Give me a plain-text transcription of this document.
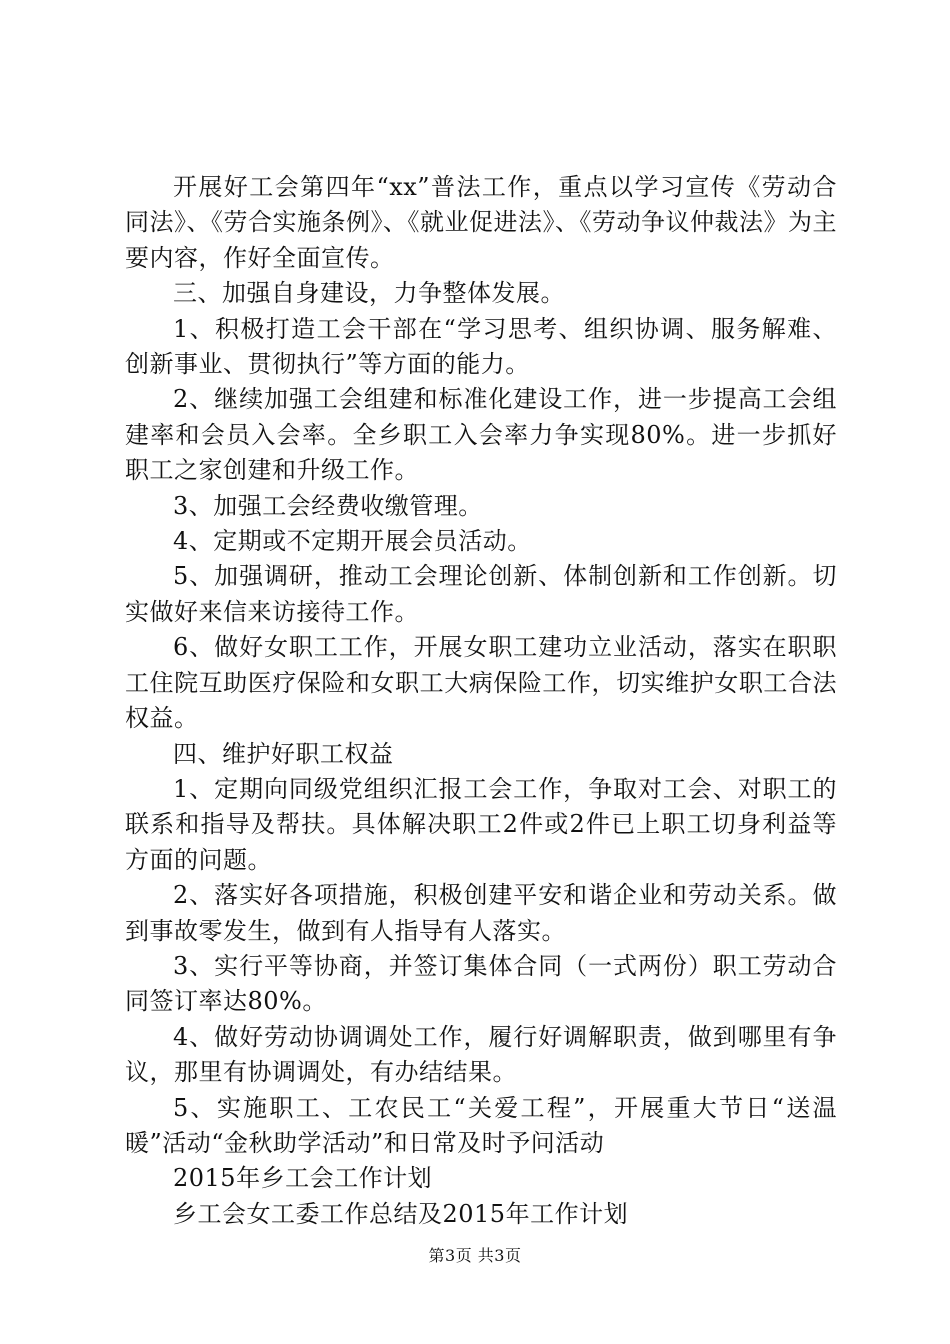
开展好工会第四年“xx”普法工作，重点以学习宣传《劳动合同法》、《劳合实施条例》、《就业促进法》、《劳动争议仲裁法》为主要内容，作好全面宣传。

三、加强自身建设，力争整体发展。

1、积极打造工会干部在“学习思考、组织协调、服务解难、创新事业、贯彻执行”等方面的能力。

2、继续加强工会组建和标准化建设工作，进一步提高工会组建率和会员入会率。全乡职工入会率力争实现80%。进一步抓好职工之家创建和升级工作。

3、加强工会经费收缴管理。

4、定期或不定期开展会员活动。

5、加强调研，推动工会理论创新、体制创新和工作创新。切实做好来信来访接待工作。

6、做好女职工工作，开展女职工建功立业活动，落实在职职工住院互助医疗保险和女职工大病保险工作，切实维护女职工合法权益。

四、维护好职工权益

1、定期向同级党组织汇报工会工作，争取对工会、对职工的联系和指导及帮扶。具体解决职工2件或2件已上职工切身利益等方面的问题。

2、落实好各项措施，积极创建平安和谐企业和劳动关系。做到事故零发生，做到有人指导有人落实。

3、实行平等协商，并签订集体合同（一式两份）职工劳动合同签订率达80%。

4、做好劳动协调调处工作，履行好调解职责，做到哪里有争议，那里有协调调处，有办结结果。

5、实施职工、工农民工“关爱工程”，开展重大节日“送温暖”活动“金秋助学活动”和日常及时予问活动

2015年乡工会工作计划

乡工会女工委工作总结及2015年工作计划

第3页 共3页
